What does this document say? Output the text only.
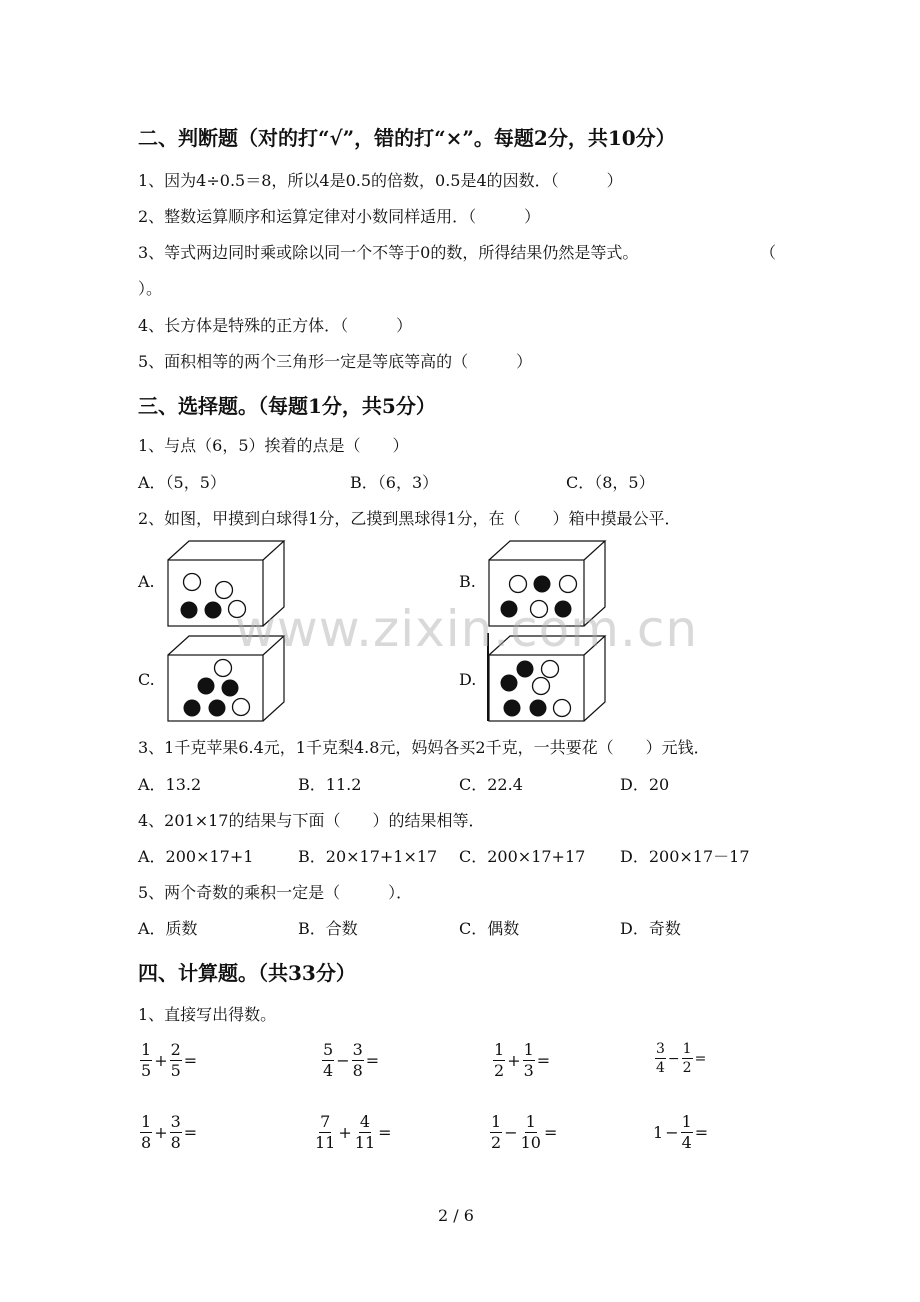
二、判断题（对的打“√”，错的打“×”。每题2分，共10分）
1、因为4÷0.5＝8，所以4是0.5的倍数，0.5是4的因数．（　　　）
2、整数运算顺序和运算定律对小数同样适用．（　　　）
3、等式两边同时乘或除以同一个不等于0的数，所得结果仍然是等式。	（
）。
4、长方体是特殊的正方体．（　　　）
5、面积相等的两个三角形一定是等底等高的（　　　）
三、选择题。（每题1分，共5分）
1、与点（6，5）挨着的点是（　　）
A．（5，5）	B．（6，3）	C．（8，5）
2、如图，甲摸到白球得1分，乙摸到黑球得1分，在（　　）箱中摸最公平．
A.	B.
C.	D.
3、1千克苹果6.4元，1千克梨4.8元，妈妈各买2千克，一共要花（　　）元钱．
A．13.2	B．11.2	C．22.4	D．20
4、201×17的结果与下面（　　）的结果相等．
A．200×17+1	B．20×17+1×17 C．200×17+17 D．200×17－17
5、两个奇数的乘积一定是（　　　）．
A．质数	B．合数	C．偶数	D．奇数
四、计算题。（共33分）
1、直接写出得数。
$\frac{1}{5} + \frac{2}{5}$ =	$\frac{5}{4} - \frac{3}{8}$ =	$\frac{1}{2} + \frac{1}{3}$ =	$\frac{3}{4} - \frac{1}{2}$ =
$\frac{1}{8} + \frac{3}{8}$ =	$\frac{7}{11} + \frac{4}{11}$ =	$\frac{1}{2} - \frac{1}{10}$ =	$1 - \frac{1}{4}$ =
2 / 6
www.zixin.com.cn
